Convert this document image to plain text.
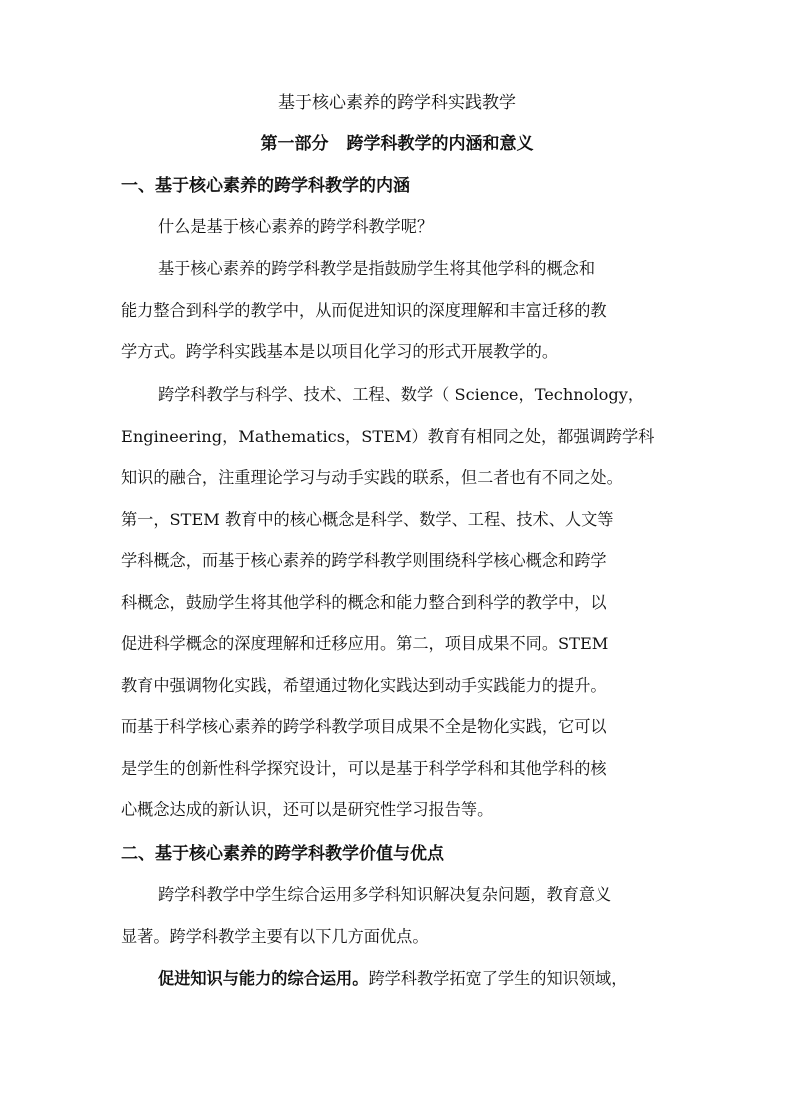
基于核心素养的跨学科实践教学
第一部分 跨学科教学的内涵和意义
一、基于核心素养的跨学科教学的内涵

什么是基于核心素养的跨学科教学呢？

基于核心素养的跨学科教学是指鼓励学生将其他学科的概念和
能力整合到科学的教学中，从而促进知识的深度理解和丰富迁移的教
学方式。跨学科实践基本是以项目化学习的形式开展教学的。

跨学科教学与科学、技术、工程、数学（ Science，Technology，
Engineering，Mathematics，STEM）教育有相同之处，都强调跨学科
知识的融合，注重理论学习与动手实践的联系，但二者也有不同之处。
第一，STEM 教育中的核心概念是科学、数学、工程、技术、人文等
学科概念，而基于核心素养的跨学科教学则围绕科学核心概念和跨学
科概念，鼓励学生将其他学科的概念和能力整合到科学的教学中，以
促进科学概念的深度理解和迁移应用。第二，项目成果不同。STEM
教育中强调物化实践，希望通过物化实践达到动手实践能力的提升。
而基于科学核心素养的跨学科教学项目成果不全是物化实践，它可以
是学生的创新性科学探究设计，可以是基于科学学科和其他学科的核
心概念达成的新认识，还可以是研究性学习报告等。

二、基于核心素养的跨学科教学价值与优点

跨学科教学中学生综合运用多学科知识解决复杂问题，教育意义
显著。跨学科教学主要有以下几方面优点。

促进知识与能力的综合运用。跨学科教学拓宽了学生的知识领域，
